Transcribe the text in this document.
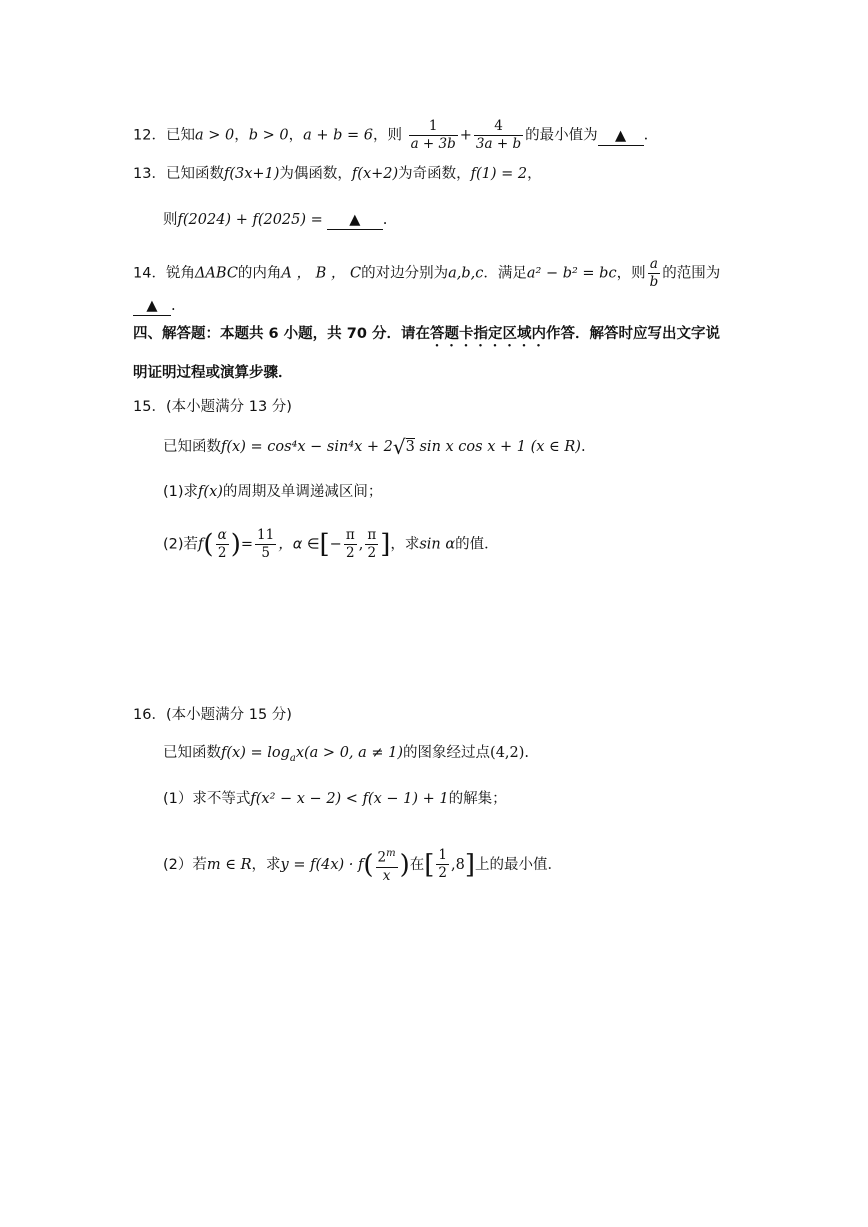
12．已知a > 0，b > 0，a + b = 6，则 $\frac{1}{a + 3b} + \frac{4}{3a + b}$ 的最小值为 ▲ .
13．已知函数f(3x+1)为偶函数，f(x+2)为奇函数，f(1) = 2，
则f(2024) + f(2025) = ▲ .
14．锐角ΔABC的内角A ， B ， C的对边分别为a,b,c．满足a² − b² = bc，则 $\frac{a}{b}$ 的范围为
▲ .
四、解答题：本题共 6 小题，共 70 分．请在答题卡指定区域内作答．解答时应写出文字说
明证明过程或演算步骤．
15．(本小题满分 13 分)
已知函数f(x) = cos⁴x − sin⁴x + 2√3 sin x cos x + 1 (x ∈ R).
(1)求f(x)的周期及单调递减区间；
(2)若$f( \frac{\alpha}{2}$ )= $\frac{11}{5}$ ，α ∈[− $\frac{\pi}{2}$ , $\frac{\pi}{2}$ ]，求sin α的值．
16．(本小题满分 15 分)
已知函数$f(x) = \log_ax(a > 0$, a ≠ 1)的图象经过点(4,2).
(1）求不等式f(x² − x − 2) < f(x − 1) + 1的解集；
(2）若m ∈ R，求$y = f(4x) \cdot f( \frac{2^m}{x}$ )在[ $\frac{1}{2} ,8$]上的最小值．
